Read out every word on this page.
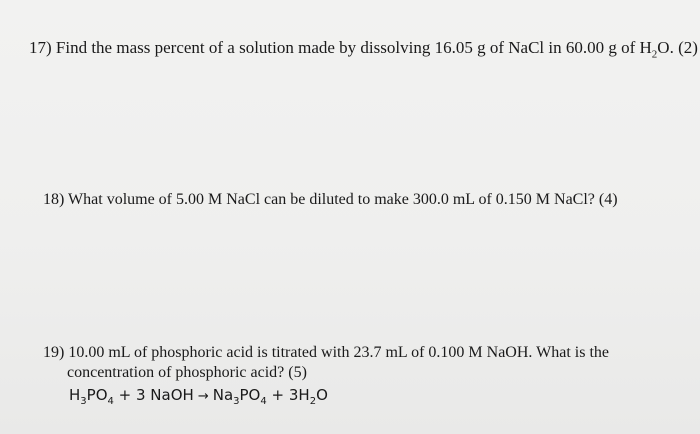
17) Find the mass percent of a solution made by dissolving 16.05 g of NaCl in 60.00 g of $H_2O$. (2)
18) What volume of 5.00 M NaCl can be diluted to make 300.0 mL of 0.150 M NaCl? (4)
19) 10.00 mL of phosphoric acid is titrated with 23.7 mL of 0.100 M NaOH. What is the
concentration of phosphoric acid? (5)
$H_3PO_4 + 3$ NaOH → $Na_3PO_4 + 3H_2O$
